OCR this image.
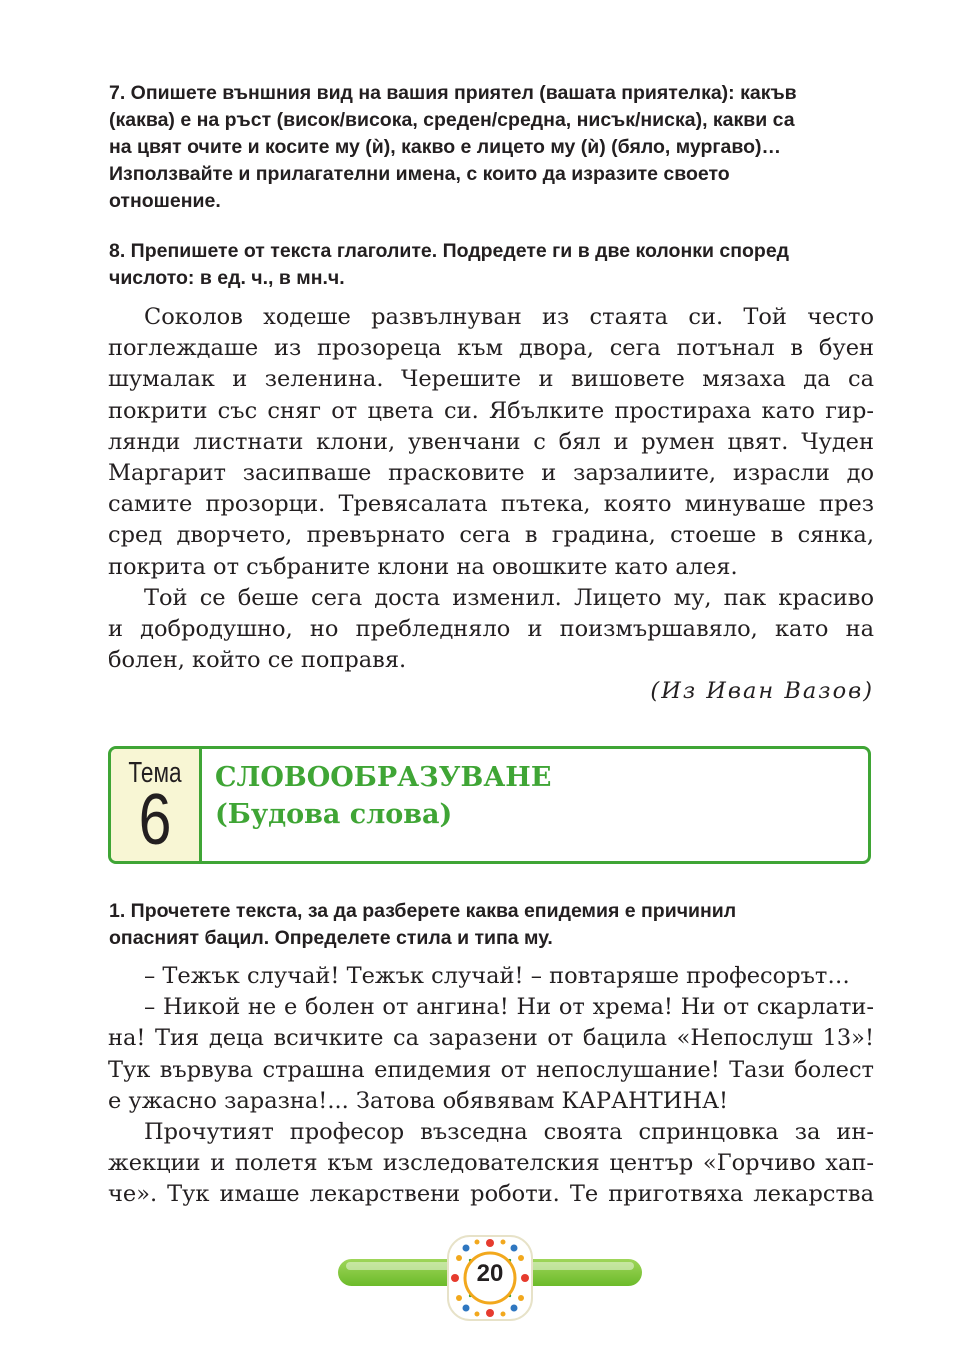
7. Опишете външния вид на вашия приятел (вашата приятелка): какъв

(каква) е на ръст (висок/висока, среден/средна, нисък/ниска), какви са

на цвят очите и косите му (ѝ), какво е лицето му (ѝ) (бяло, мургаво)…

Използвайте и прилагателни имена, с които да изразите своето

отношение.

8. Препишете от текста глаголите. Подредете ги в две колонки според

числото: в ед. ч., в мн.ч.

Соколов ходеше развълнуван из стаята си. Той често
поглеждаше из прозореца към двора, сега потънал в буен
шумалак и зеленина. Черешите и вишовете мязаха да са
покрити със сняг от цвета си. Ябълките простираха като гир-
лянди листнати клони, увенчани с бял и румен цвят. Чуден
Маргарит засипваше прасковите и зарзалиите, израсли до
самите прозорци. Тревясалата пътека, която минуваше през
сред дворчето, превърнато сега в градина, стоеше в сянка,
покрита от събраните клони на овошките като алея.
Той се беше сега доста изменил. Лицето му, пак красиво
и добродушно, но пребледняло и поизмършавяло, като на
болен, който се поправя.
(Из Иван Вазов)
Тема
6
СЛОВООБРАЗУВАНЕ
(Будова слова)

1. Прочетете текста, за да разберете каква епидемия е причинил

опасният бацил. Определете стила и типа му.

– Тежък случай! Тежък случай! – повтаряше професорът…
– Никой не е болен от ангина! Ни от хрема! Ни от скарлати-
на! Тия деца всичките са заразени от бацила «Непослуш 13»!
Тук вървува страшна епидемия от непослушание! Тази болест
е ужасно заразна!... Затова обявявам КАРАНТИНА!
Прочутият професор възседна своята спринцовка за ин-
жекции и полетя към изследователския център «Горчиво хап-
че». Тук имаше лекарствени роботи. Те приготвяха лекарства
20
